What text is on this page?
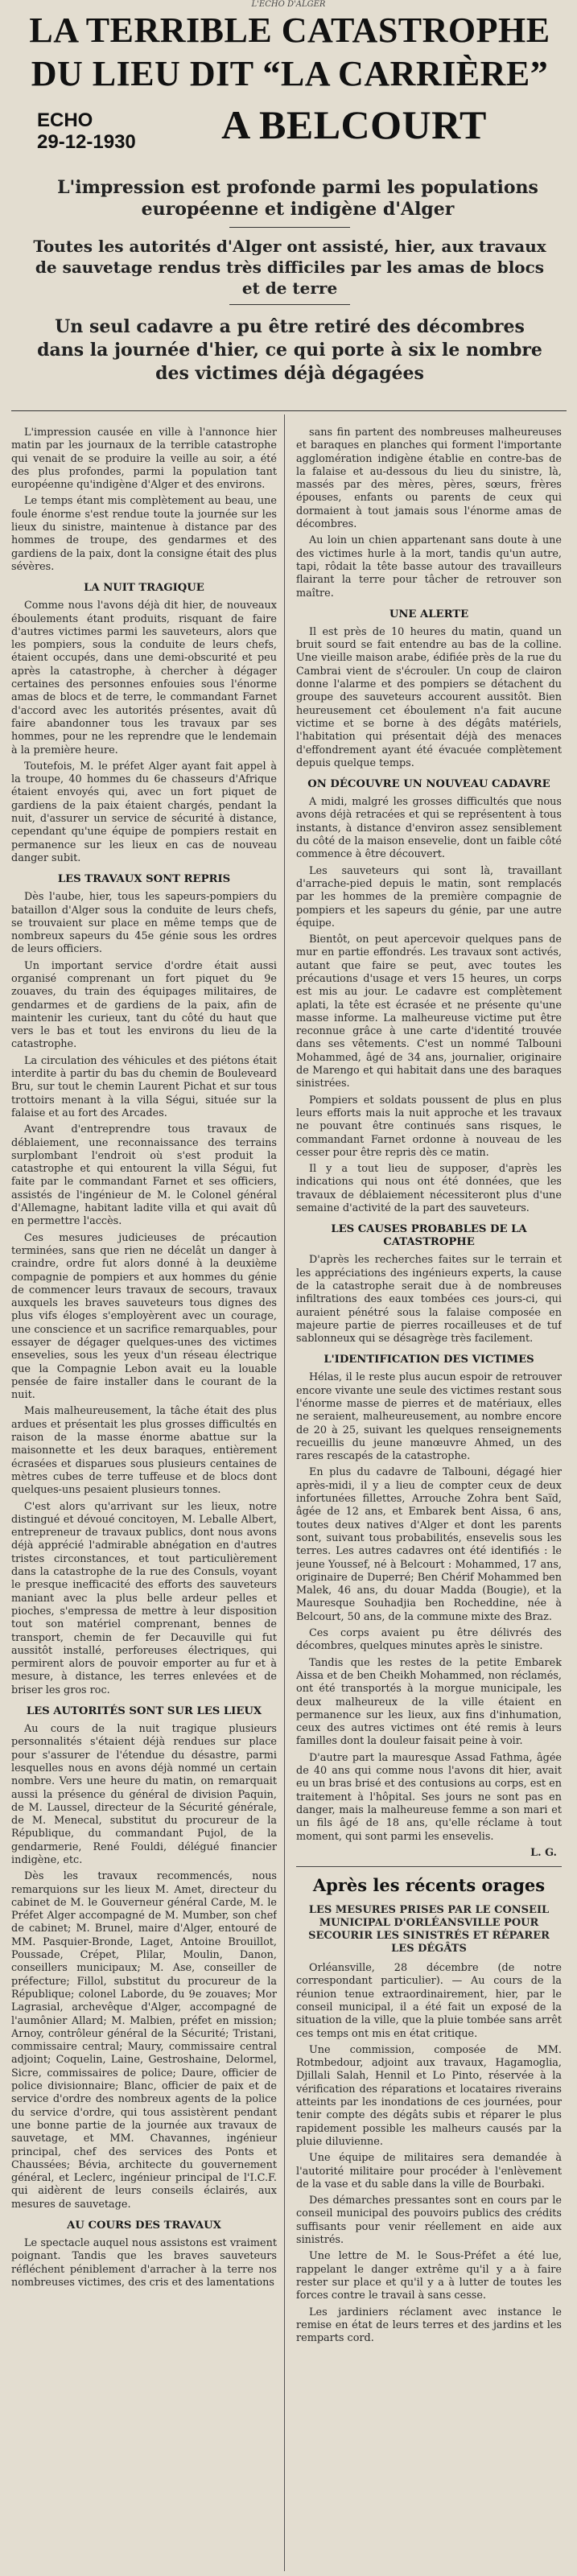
L'ECHO D'ALGER
LA TERRIBLE CATASTROPHE
DU LIEU DIT “LA CARRIÈRE”
ECHO
29-12-1930	A BELCOURT
L'impression est profonde parmi les populations européenne et indigène d'Alger
Toutes les autorités d'Alger ont assisté, hier, aux travaux de sauvetage rendus très difficiles par les amas de blocs et de terre
Un seul cadavre a pu être retiré des décombres dans la journée d'hier, ce qui porte à six le nombre des victimes déjà dégagées

L'impression causée en ville à l'annonce hier matin par les journaux de la terrible catastrophe qui venait de se produire la veille au soir, a été des plus profondes, parmi la population tant européenne qu'indigène d'Alger et des environs.

Le temps étant mis complètement au beau, une foule énorme s'est rendue toute la journée sur les lieux du sinistre, maintenue à distance par des hommes de troupe, des gendarmes et des gardiens de la paix, dont la consigne était des plus sévères.

LA NUIT TRAGIQUE

Comme nous l'avons déjà dit hier, de nouveaux éboulements étant produits, risquant de faire d'autres victimes parmi les sauveteurs, alors que les pompiers, sous la conduite de leurs chefs, étaient occupés, dans une demi-obscurité et peu après la catastrophe, à chercher à dégager certaines des personnes enfouies sous l'énorme amas de blocs et de terre, le commandant Farnet d'accord avec les autorités présentes, avait dû faire abandonner tous les travaux par ses hommes, pour ne les reprendre que le lendemain à la première heure.

Toutefois, M. le préfet Alger ayant fait appel à la troupe, 40 hommes du 6e chasseurs d'Afrique étaient envoyés qui, avec un fort piquet de gardiens de la paix étaient chargés, pendant la nuit, d'assurer un service de sécurité à distance, cependant qu'une équipe de pompiers restait en permanence sur les lieux en cas de nouveau danger subit.

LES TRAVAUX SONT REPRIS

Dès l'aube, hier, tous les sapeurs-pompiers du bataillon d'Alger sous la conduite de leurs chefs, se trouvaient sur place en même temps que de nombreux sapeurs du 45e génie sous les ordres de leurs officiers.

Un important service d'ordre était aussi organisé comprenant un fort piquet du 9e zouaves, du train des équipages militaires, de gendarmes et de gardiens de la paix, afin de maintenir les curieux, tant du côté du haut que vers le bas et tout les environs du lieu de la catastrophe.

La circulation des véhicules et des piétons était interdite à partir du bas du chemin de Bouleveard Bru, sur tout le chemin Laurent Pichat et sur tous trottoirs menant à la villa Ségui, située sur la falaise et au fort des Arcades.

Avant d'entreprendre tous travaux de déblaiement, une reconnaissance des terrains surplombant l'endroit où s'est produit la catastrophe et qui entourent la villa Ségui, fut faite par le commandant Farnet et ses officiers, assistés de l'ingénieur de M. le Colonel général d'Allemagne, habitant ladite villa et qui avait dû en permettre l'accès.

Ces mesures judicieuses de précaution terminées, sans que rien ne décelât un danger à craindre, ordre fut alors donné à la deuxième compagnie de pompiers et aux hommes du génie de commencer leurs travaux de secours, travaux auxquels les braves sauveteurs tous dignes des plus vifs éloges s'employèrent avec un courage, une conscience et un sacrifice remarquables, pour essayer de dégager quelques-unes des victimes ensevelies, sous les yeux d'un réseau électrique que la Compagnie Lebon avait eu la louable pensée de faire installer dans le courant de la nuit.

Mais malheureusement, la tâche était des plus ardues et présentait les plus grosses difficultés en raison de la masse énorme abattue sur la maisonnette et les deux baraques, entièrement écrasées et disparues sous plusieurs centaines de mètres cubes de terre tuffeuse et de blocs dont quelques-uns pesaient plusieurs tonnes.

C'est alors qu'arrivant sur les lieux, notre distingué et dévoué concitoyen, M. Leballe Albert, entrepreneur de travaux publics, dont nous avons déjà apprécié l'admirable abnégation en d'autres tristes circonstances, et tout particulièrement dans la catastrophe de la rue des Consuls, voyant le presque inefficacité des efforts des sauveteurs maniant avec la plus belle ardeur pelles et pioches, s'empressa de mettre à leur disposition tout son matériel comprenant, bennes de transport, chemin de fer Decauville qui fut aussitôt installé, perforeuses électriques, qui permirent alors de pouvoir emporter au fur et à mesure, à distance, les terres enlevées et de briser les gros roc.

LES AUTORITÉS SONT SUR LES LIEUX

Au cours de la nuit tragique plusieurs personnalités s'étaient déjà rendues sur place pour s'assurer de l'étendue du désastre, parmi lesquelles nous en avons déjà nommé un certain nombre. Vers une heure du matin, on remarquait aussi la présence du général de division Paquin, de M. Laussel, directeur de la Sécurité générale, de M. Menecal, substitut du procureur de la République, du commandant Pujol, de la gendarmerie, René Fouldi, délégué financier indigène, etc.

Dès les travaux recommencés, nous remarquions sur les lieux M. Amet, directeur du cabinet de M. le Gouverneur général Carde, M. le Préfet Alger accompagné de M. Mumber, son chef de cabinet; M. Brunel, maire d'Alger, entouré de MM. Pasquier-Bronde, Laget, Antoine Brouillot, Poussade, Crépet, Plilar, Moulin, Danon, conseillers municipaux; M. Ase, conseiller de préfecture; Fillol, substitut du procureur de la République; colonel Laborde, du 9e zouaves; Mor Lagrasial, archevêque d'Alger, accompagné de l'aumônier Allard; M. Malbien, préfet en mission; Arnoy, contrôleur général de la Sécurité; Tristani, commissaire central; Maury, commissaire central adjoint; Coquelin, Laine, Gestroshaine, Delormel, Sicre, commissaires de police; Daure, officier de police divisionnaire; Blanc, officier de paix et de service d'ordre des nombreux agents de la police du service d'ordre, qui tous assistèrent pendant une bonne partie de la journée aux travaux de sauvetage, et MM. Chavannes, ingénieur principal, chef des services des Ponts et Chaussées; Bévia, architecte du gouvernement général, et Leclerc, ingénieur principal de l'I.C.F. qui aidèrent de leurs conseils éclairés, aux mesures de sauvetage.

AU COURS DES TRAVAUX

Le spectacle auquel nous assistons est vraiment poignant. Tandis que les braves sauveteurs réfléchent péniblement d'arracher à la terre nos nombreuses victimes, des cris et des lamentations

sans fin partent des nombreuses malheureuses et baraques en planches qui forment l'importante agglomération indigène établie en contre-bas de la falaise et au-dessous du lieu du sinistre, là, massés par des mères, pères, sœurs, frères épouses, enfants ou parents de ceux qui dormaient à tout jamais sous l'énorme amas de décombres.

Au loin un chien appartenant sans doute à une des victimes hurle à la mort, tandis qu'un autre, tapi, rôdait la tête basse autour des travailleurs flairant la terre pour tâcher de retrouver son maître.

UNE ALERTE

Il est près de 10 heures du matin, quand un bruit sourd se fait entendre au bas de la colline. Une vieille maison arabe, édifiée près de la rue du Cambrai vient de s'écrouler. Un coup de clairon donne l'alarme et des pompiers se détachent du groupe des sauveteurs accourent aussitôt. Bien heureusement cet éboulement n'a fait aucune victime et se borne à des dégâts matériels, l'habitation qui présentait déjà des menaces d'effondrement ayant été évacuée complètement depuis quelque temps.

ON DÉCOUVRE UN NOUVEAU CADAVRE

A midi, malgré les grosses difficultés que nous avons déjà retracées et qui se représentent à tous instants, à distance d'environ assez sensiblement du côté de la maison ensevelie, dont un faible côté commence à être découvert.

Les sauveteurs qui sont là, travaillant d'arrache-pied depuis le matin, sont remplacés par les hommes de la première compagnie de pompiers et les sapeurs du génie, par une autre équipe.

Bientôt, on peut apercevoir quelques pans de mur en partie effondrés. Les travaux sont activés, autant que faire se peut, avec toutes les précautions d'usage et vers 15 heures, un corps est mis au jour. Le cadavre est complètement aplati, la tête est écrasée et ne présente qu'une masse informe. La malheureuse victime put être reconnue grâce à une carte d'identité trouvée dans ses vêtements. C'est un nommé Talbouni Mohammed, âgé de 34 ans, journalier, originaire de Marengo et qui habitait dans une des baraques sinistrées.

Pompiers et soldats poussent de plus en plus leurs efforts mais la nuit approche et les travaux ne pouvant être continués sans risques, le commandant Farnet ordonne à nouveau de les cesser pour être repris dès ce matin.

Il y a tout lieu de supposer, d'après les indications qui nous ont été données, que les travaux de déblaiement nécessiteront plus d'une semaine d'activité de la part des sauveteurs.

LES CAUSES PROBABLES DE LA CATASTROPHE

D'après les recherches faites sur le terrain et les appréciations des ingénieurs experts, la cause de la catastrophe serait due à de nombreuses infiltrations des eaux tombées ces jours-ci, qui auraient pénétré sous la falaise composée en majeure partie de pierres rocailleuses et de tuf sablonneux qui se désagrège très facilement.

L'IDENTIFICATION DES VICTIMES

Hélas, il le reste plus aucun espoir de retrouver encore vivante une seule des victimes restant sous l'énorme masse de pierres et de matériaux, elles ne seraient, malheureusement, au nombre encore de 20 à 25, suivant les quelques renseignements recueillis du jeune manœuvre Ahmed, un des rares rescapés de la catastrophe.

En plus du cadavre de Talbouni, dégagé hier après-midi, il y a lieu de compter ceux de deux infortunées fillettes, Arrouche Zohra bent Saïd, âgée de 12 ans, et Embarek bent Aissa, 6 ans, toutes deux natives d'Alger et dont les parents sont, suivant tous probabilités, ensevelis sous les terres. Les autres cadavres ont été identifiés : le jeune Youssef, né à Belcourt : Mohammed, 17 ans, originaire de Duperré; Ben Chérif Mohammed ben Malek, 46 ans, du douar Madda (Bougie), et la Mauresque Souhadjia ben Rocheddine, née à Belcourt, 50 ans, de la commune mixte des Braz.

Ces corps avaient pu être délivrés des décombres, quelques minutes après le sinistre.

Tandis que les restes de la petite Embarek Aissa et de ben Cheikh Mohammed, non réclamés, ont été transportés à la morgue municipale, les deux malheureux de la ville étaient en permanence sur les lieux, aux fins d'inhumation, ceux des autres victimes ont été remis à leurs familles dont la douleur faisait peine à voir.

D'autre part la mauresque Assad Fathma, âgée de 40 ans qui comme nous l'avons dit hier, avait eu un bras brisé et des contusions au corps, est en traitement à l'hôpital. Ses jours ne sont pas en danger, mais la malheureuse femme a son mari et un fils âgé de 18 ans, qu'elle réclame à tout moment, qui sont parmi les ensevelis.

L. G.
Après les récents orages
LES MESURES PRISES PAR LE CONSEIL MUNICIPAL D'ORLÉANSVILLE POUR SECOURIR LES SINISTRÉS ET RÉPARER LES DÉGÂTS

Orléansville, 28 décembre (de notre correspondant particulier). — Au cours de la réunion tenue extraordinairement, hier, par le conseil municipal, il a été fait un exposé de la situation de la ville, que la pluie tombée sans arrêt ces temps ont mis en état critique.

Une commission, composée de MM. Rotmbedour, adjoint aux travaux, Hagamoglia, Djillali Salah, Hennil et Lo Pinto, réservée à la vérification des réparations et locataires riverains atteints par les inondations de ces journées, pour tenir compte des dégâts subis et réparer le plus rapidement possible les malheurs causés par la pluie diluvienne.

Une équipe de militaires sera demandée à l'autorité militaire pour procéder à l'enlèvement de la vase et du sable dans la ville de Bourbaki.

Des démarches pressantes sont en cours par le conseil municipal des pouvoirs publics des crédits suffisants pour venir réellement en aide aux sinistrés.

Une lettre de M. le Sous-Préfet a été lue, rappelant le danger extrême qu'il y a à faire rester sur place et qu'il y a à lutter de toutes les forces contre le travail à sans cesse.

Les jardiniers réclament avec instance le remise en état de leurs terres et des jardins et les remparts cord.
